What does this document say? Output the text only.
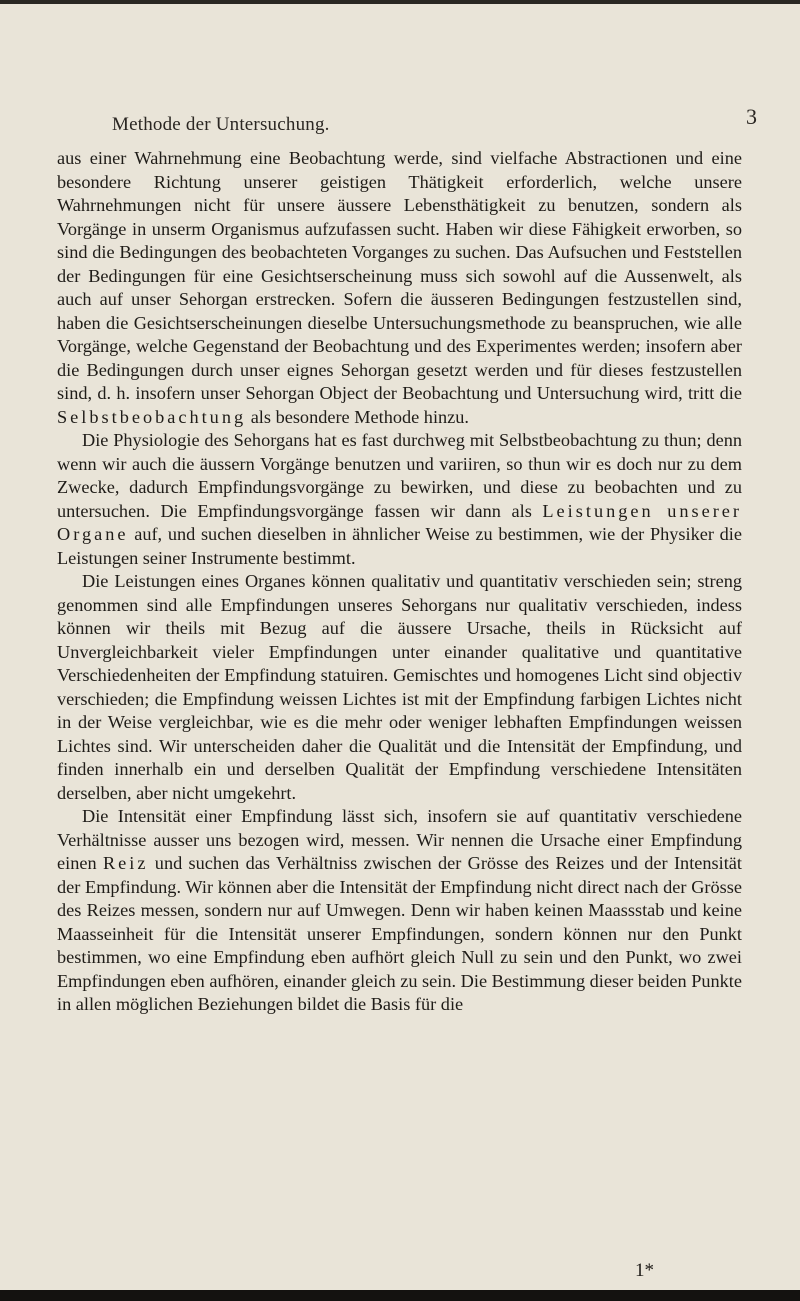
Methode der Untersuchung.	3

aus einer Wahrnehmung eine Beobachtung werde, sind vielfache Abstractionen und eine besondere Richtung unserer geistigen Thätigkeit erforderlich, welche unsere Wahrnehmungen nicht für unsere äussere Lebensthätigkeit zu benutzen, sondern als Vorgänge in unserm Organismus aufzufassen sucht. Haben wir diese Fähigkeit erworben, so sind die Bedingungen des beobachteten Vorganges zu suchen. Das Aufsuchen und Feststellen der Bedingungen für eine Gesichtserscheinung muss sich sowohl auf die Aussenwelt, als auch auf unser Sehorgan erstrecken. Sofern die äusseren Bedingungen festzustellen sind, haben die Gesichtserscheinungen dieselbe Untersuchungsmethode zu beanspruchen, wie alle Vorgänge, welche Gegenstand der Beobachtung und des Experimentes werden; insofern aber die Bedingungen durch unser eignes Sehorgan gesetzt werden und für dieses festzustellen sind, d. h. insofern unser Sehorgan Object der Beobachtung und Untersuchung wird, tritt die Selbstbeobachtung als besondere Methode hinzu.

Die Physiologie des Sehorgans hat es fast durchweg mit Selbstbeobachtung zu thun; denn wenn wir auch die äussern Vorgänge benutzen und variiren, so thun wir es doch nur zu dem Zwecke, dadurch Empfindungsvorgänge zu bewirken, und diese zu beobachten und zu untersuchen. Die Empfindungsvorgänge fassen wir dann als Leistungen unserer Organe auf, und suchen dieselben in ähnlicher Weise zu bestimmen, wie der Physiker die Leistungen seiner Instrumente bestimmt.

Die Leistungen eines Organes können qualitativ und quantitativ verschieden sein; streng genommen sind alle Empfindungen unseres Sehorgans nur qualitativ verschieden, indess können wir theils mit Bezug auf die äussere Ursache, theils in Rücksicht auf Unvergleichbarkeit vieler Empfindungen unter einander qualitative und quantitative Verschiedenheiten der Empfindung statuiren. Gemischtes und homogenes Licht sind objectiv verschieden; die Empfindung weissen Lichtes ist mit der Empfindung farbigen Lichtes nicht in der Weise vergleichbar, wie es die mehr oder weniger lebhaften Empfindungen weissen Lichtes sind. Wir unterscheiden daher die Qualität und die Intensität der Empfindung, und finden innerhalb ein und derselben Qualität der Empfindung verschiedene Intensitäten derselben, aber nicht umgekehrt.

Die Intensität einer Empfindung lässt sich, insofern sie auf quantitativ verschiedene Verhältnisse ausser uns bezogen wird, messen. Wir nennen die Ursache einer Empfindung einen Reiz und suchen das Verhältniss zwischen der Grösse des Reizes und der Intensität der Empfindung. Wir können aber die Intensität der Empfindung nicht direct nach der Grösse des Reizes messen, sondern nur auf Umwegen. Denn wir haben keinen Maassstab und keine Maasseinheit für die Intensität unserer Empfindungen, sondern können nur den Punkt bestimmen, wo eine Empfindung eben aufhört gleich Null zu sein und den Punkt, wo zwei Empfindungen eben aufhören, einander gleich zu sein. Die Bestimmung dieser beiden Punkte in allen möglichen Beziehungen bildet die Basis für die

1*
